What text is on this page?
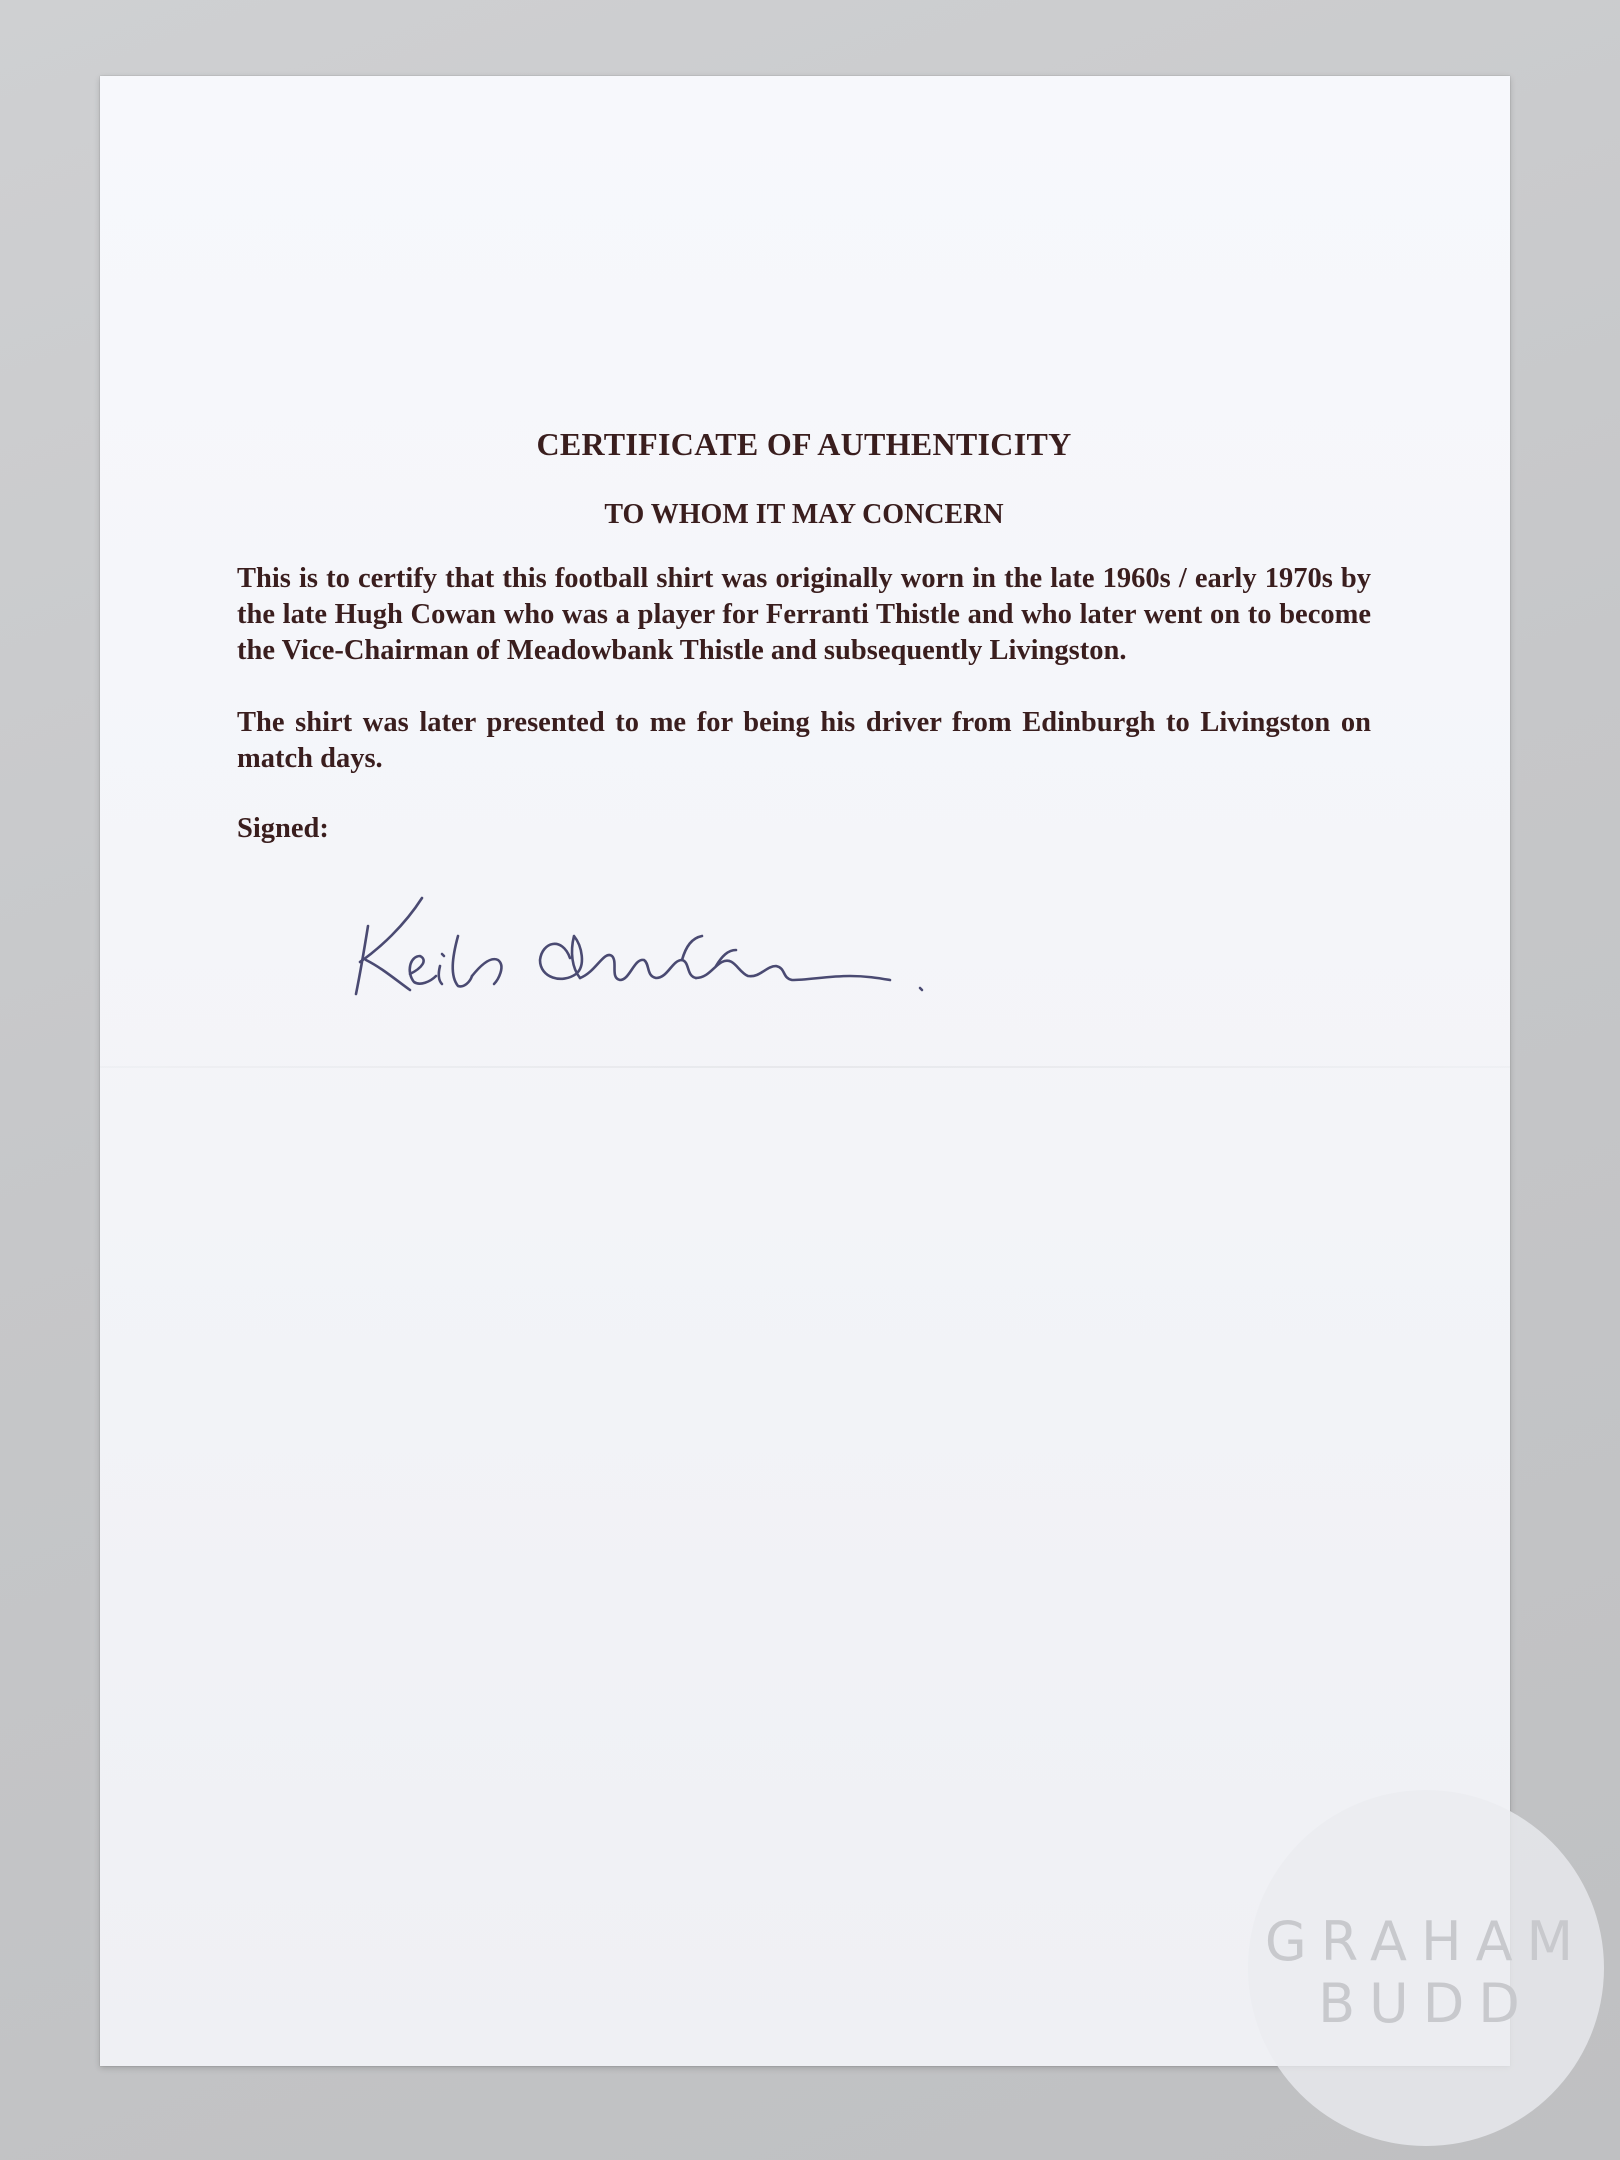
CERTIFICATE OF AUTHENTICITY
TO WHOM IT MAY CONCERN

This is to certify that this football shirt was originally worn in the late 1960s / early 1970s by the late Hugh Cowan who was a player for Ferranti Thistle and who later went on to become the Vice-Chairman of Meadowbank Thistle and subsequently Livingston.

The shirt was later presented to me for being his driver from Edinburgh to Livingston on match days.

Signed:
GRAHAM
BUDD
